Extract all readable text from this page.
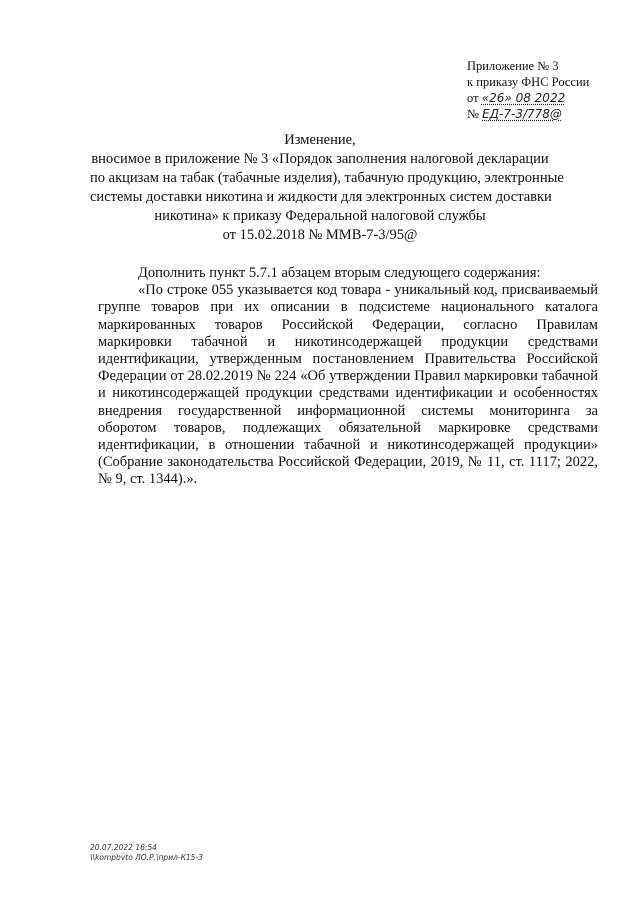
Приложение № 3
к приказу ФНС России
от «26» 08 2022
№ ЕД-7-3/778@
Изменение,
вносимое в приложение № 3 «Порядок заполнения налоговой декларации
по акцизам на табак (табачные изделия), табачную продукцию, электронные
системы доставки никотина и жидкости для электронных систем доставки
никотина» к приказу Федеральной налоговой службы
от 15.02.2018 № ММВ-7-3/95@

Дополнить пункт 5.7.1 абзацем вторым следующего содержания:

«По строке 055 указывается код товара - уникальный код, присваиваемый группе товаров при их описании в подсистеме национального каталога маркированных товаров Российской Федерации, согласно Правилам маркировки табачной и никотинсодержащей продукции средствами идентификации, утвержденным постановлением Правительства Российской Федерации от 28.02.2019 № 224 «Об утверждении Правил маркировки табачной и никотинсодержащей продукции средствами идентификации и особенностях внедрения государственной информационной системы мониторинга за оборотом товаров, подлежащих обязательной маркировке средствами идентификации, в отношении табачной и никотинсодержащей продукции» (Собрание законодательства Российской Федерации, 2019, № 11, ст. 1117; 2022, № 9, ст. 1344).».

20.07.2022 16:54
\\kompbvto ЛО.Р.\прил-К15-3
